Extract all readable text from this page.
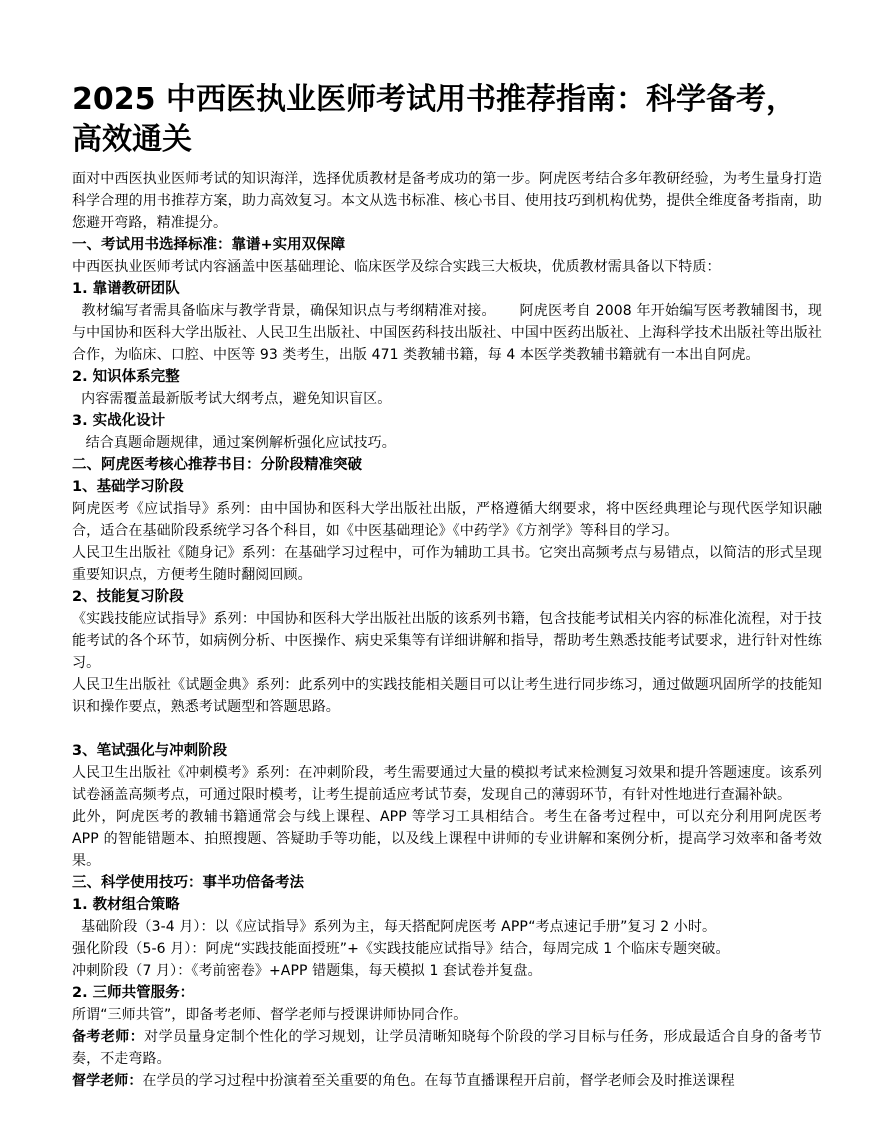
2025 中西医执业医师考试用书推荐指南：科学备考，高效通关

面对中西医执业医师考试的知识海洋，选择优质教材是备考成功的第一步。阿虎医考结合多年教研经验，为考生量身打造科学合理的用书推荐方案，助力高效复习。本文从选书标准、核心书目、使用技巧到机构优势，提供全维度备考指南，助您避开弯路，精准提分。

一、考试用书选择标准：靠谱+实用双保障

中西医执业医师考试内容涵盖中医基础理论、临床医学及综合实践三大板块，优质教材需具备以下特质：

1. 靠谱教研团队

教材编写者需具备临床与教学背景，确保知识点与考纲精准对接。     阿虎医考自 2008 年开始编写医考教辅图书，现与中国协和医科大学出版社、人民卫生出版社、中国医药科技出版社、中国中医药出版社、上海科学技术出版社等出版社合作，为临床、口腔、中医等 93 类考生，出版 471 类教辅书籍，每 4 本医学类教辅书籍就有一本出自阿虎。

2. 知识体系完整

内容需覆盖最新版考试大纲考点，避免知识盲区。

3. 实战化设计

结合真题命题规律，通过案例解析强化应试技巧。

二、阿虎医考核心推荐书目：分阶段精准突破
1、基础学习阶段

阿虎医考《应试指导》系列：由中国协和医科大学出版社出版，严格遵循大纲要求，将中医经典理论与现代医学知识融合，适合在基础阶段系统学习各个科目，如《中医基础理论》《中药学》《方剂学》等科目的学习。

人民卫生出版社《随身记》系列：在基础学习过程中，可作为辅助工具书。它突出高频考点与易错点，以简洁的形式呈现重要知识点，方便考生随时翻阅回顾。

2、技能复习阶段

《实践技能应试指导》系列：中国协和医科大学出版社出版的该系列书籍，包含技能考试相关内容的标准化流程，对于技能考试的各个环节，如病例分析、中医操作、病史采集等有详细讲解和指导，帮助考生熟悉技能考试要求，进行针对性练习。

人民卫生出版社《试题金典》系列：此系列中的实践技能相关题目可以让考生进行同步练习，通过做题巩固所学的技能知识和操作要点，熟悉考试题型和答题思路。

3、笔试强化与冲刺阶段

人民卫生出版社《冲刺模考》系列：在冲刺阶段，考生需要通过大量的模拟考试来检测复习效果和提升答题速度。该系列试卷涵盖高频考点，可通过限时模考，让考生提前适应考试节奏，发现自己的薄弱环节，有针对性地进行查漏补缺。

此外，阿虎医考的教辅书籍通常会与线上课程、APP 等学习工具相结合。考生在备考过程中，可以充分利用阿虎医考 APP 的智能错题本、拍照搜题、答疑助手等功能，以及线上课程中讲师的专业讲解和案例分析，提高学习效率和备考效果。

三、科学使用技巧：事半功倍备考法
1. 教材组合策略

基础阶段（3-4 月）：以《应试指导》系列为主，每天搭配阿虎医考 APP“考点速记手册”复习 2 小时。

强化阶段（5-6 月）：阿虎“实践技能面授班”+《实践技能应试指导》结合，每周完成 1 个临床专题突破。

冲刺阶段（7 月）：《考前密卷》+APP 错题集，每天模拟 1 套试卷并复盘。

2. 三师共管服务：

所谓“三师共管”，即备考老师、督学老师与授课讲师协同合作。

备考老师：对学员量身定制个性化的学习规划，让学员清晰知晓每个阶段的学习目标与任务，形成最适合自身的备考节奏，不走弯路。

督学老师：在学员的学习过程中扮演着至关重要的角色。在每节直播课程开启前，督学老师会及时推送课程
